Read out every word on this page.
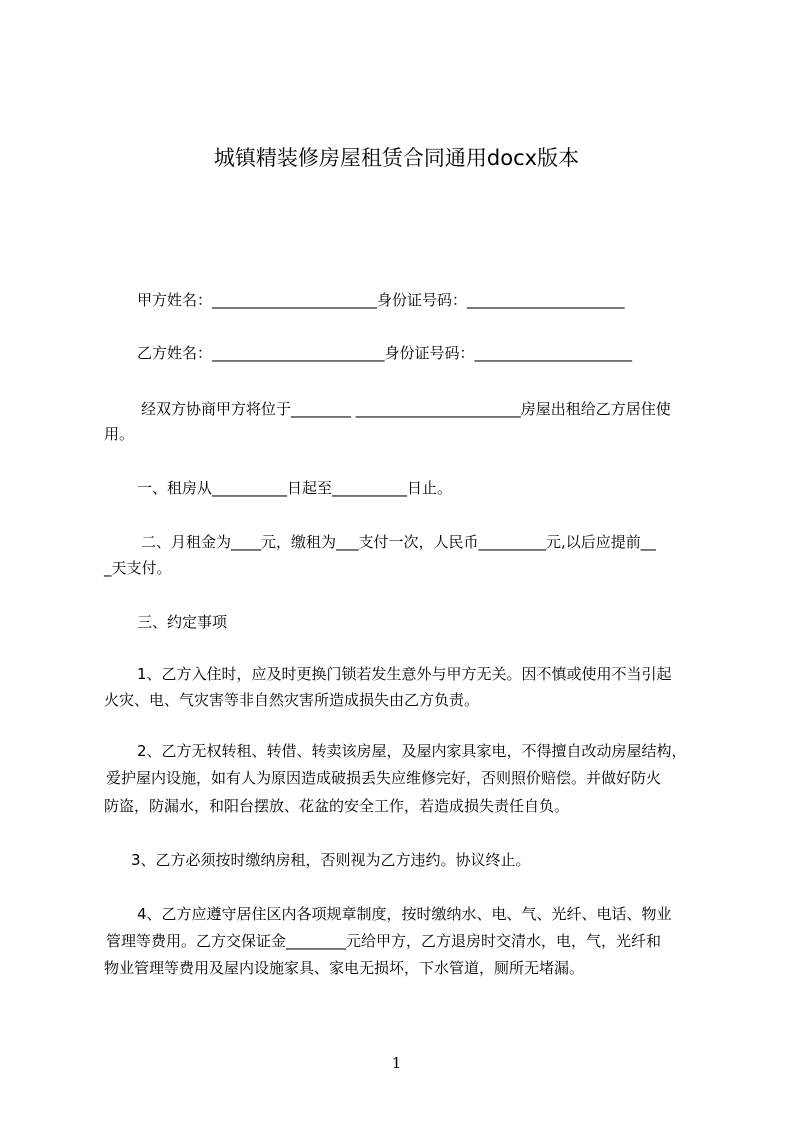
城镇精装修房屋租赁合同通用docx版本
甲方姓名：______________________身份证号码：_____________________
乙方姓名：_______________________身份证号码：_____________________
经双方协商甲方将位于________ ______________________房屋出租给乙方居住使
用。
一、租房从__________日起至__________日止。
二、月租金为____元，缴租为___支付一次，人民币_________元,以后应提前__
_天支付。
三、约定事项
1、乙方入住时，应及时更换门锁若发生意外与甲方无关。因不慎或使用不当引起
火灾、电、气灾害等非自然灾害所造成损失由乙方负责。
2、乙方无权转租、转借、转卖该房屋，及屋内家具家电，不得擅自改动房屋结构，
爱护屋内设施，如有人为原因造成破损丢失应维修完好，否则照价赔偿。并做好防火
防盗，防漏水，和阳台摆放、花盆的安全工作，若造成损失责任自负。
3、乙方必须按时缴纳房租，否则视为乙方违约。协议终止。
4、乙方应遵守居住区内各项规章制度，按时缴纳水、电、气、光纤、电话、物业
管理等费用。乙方交保证金________元给甲方，乙方退房时交清水，电，气，光纤和
物业管理等费用及屋内设施家具、家电无损坏，下水管道，厕所无堵漏。
1
